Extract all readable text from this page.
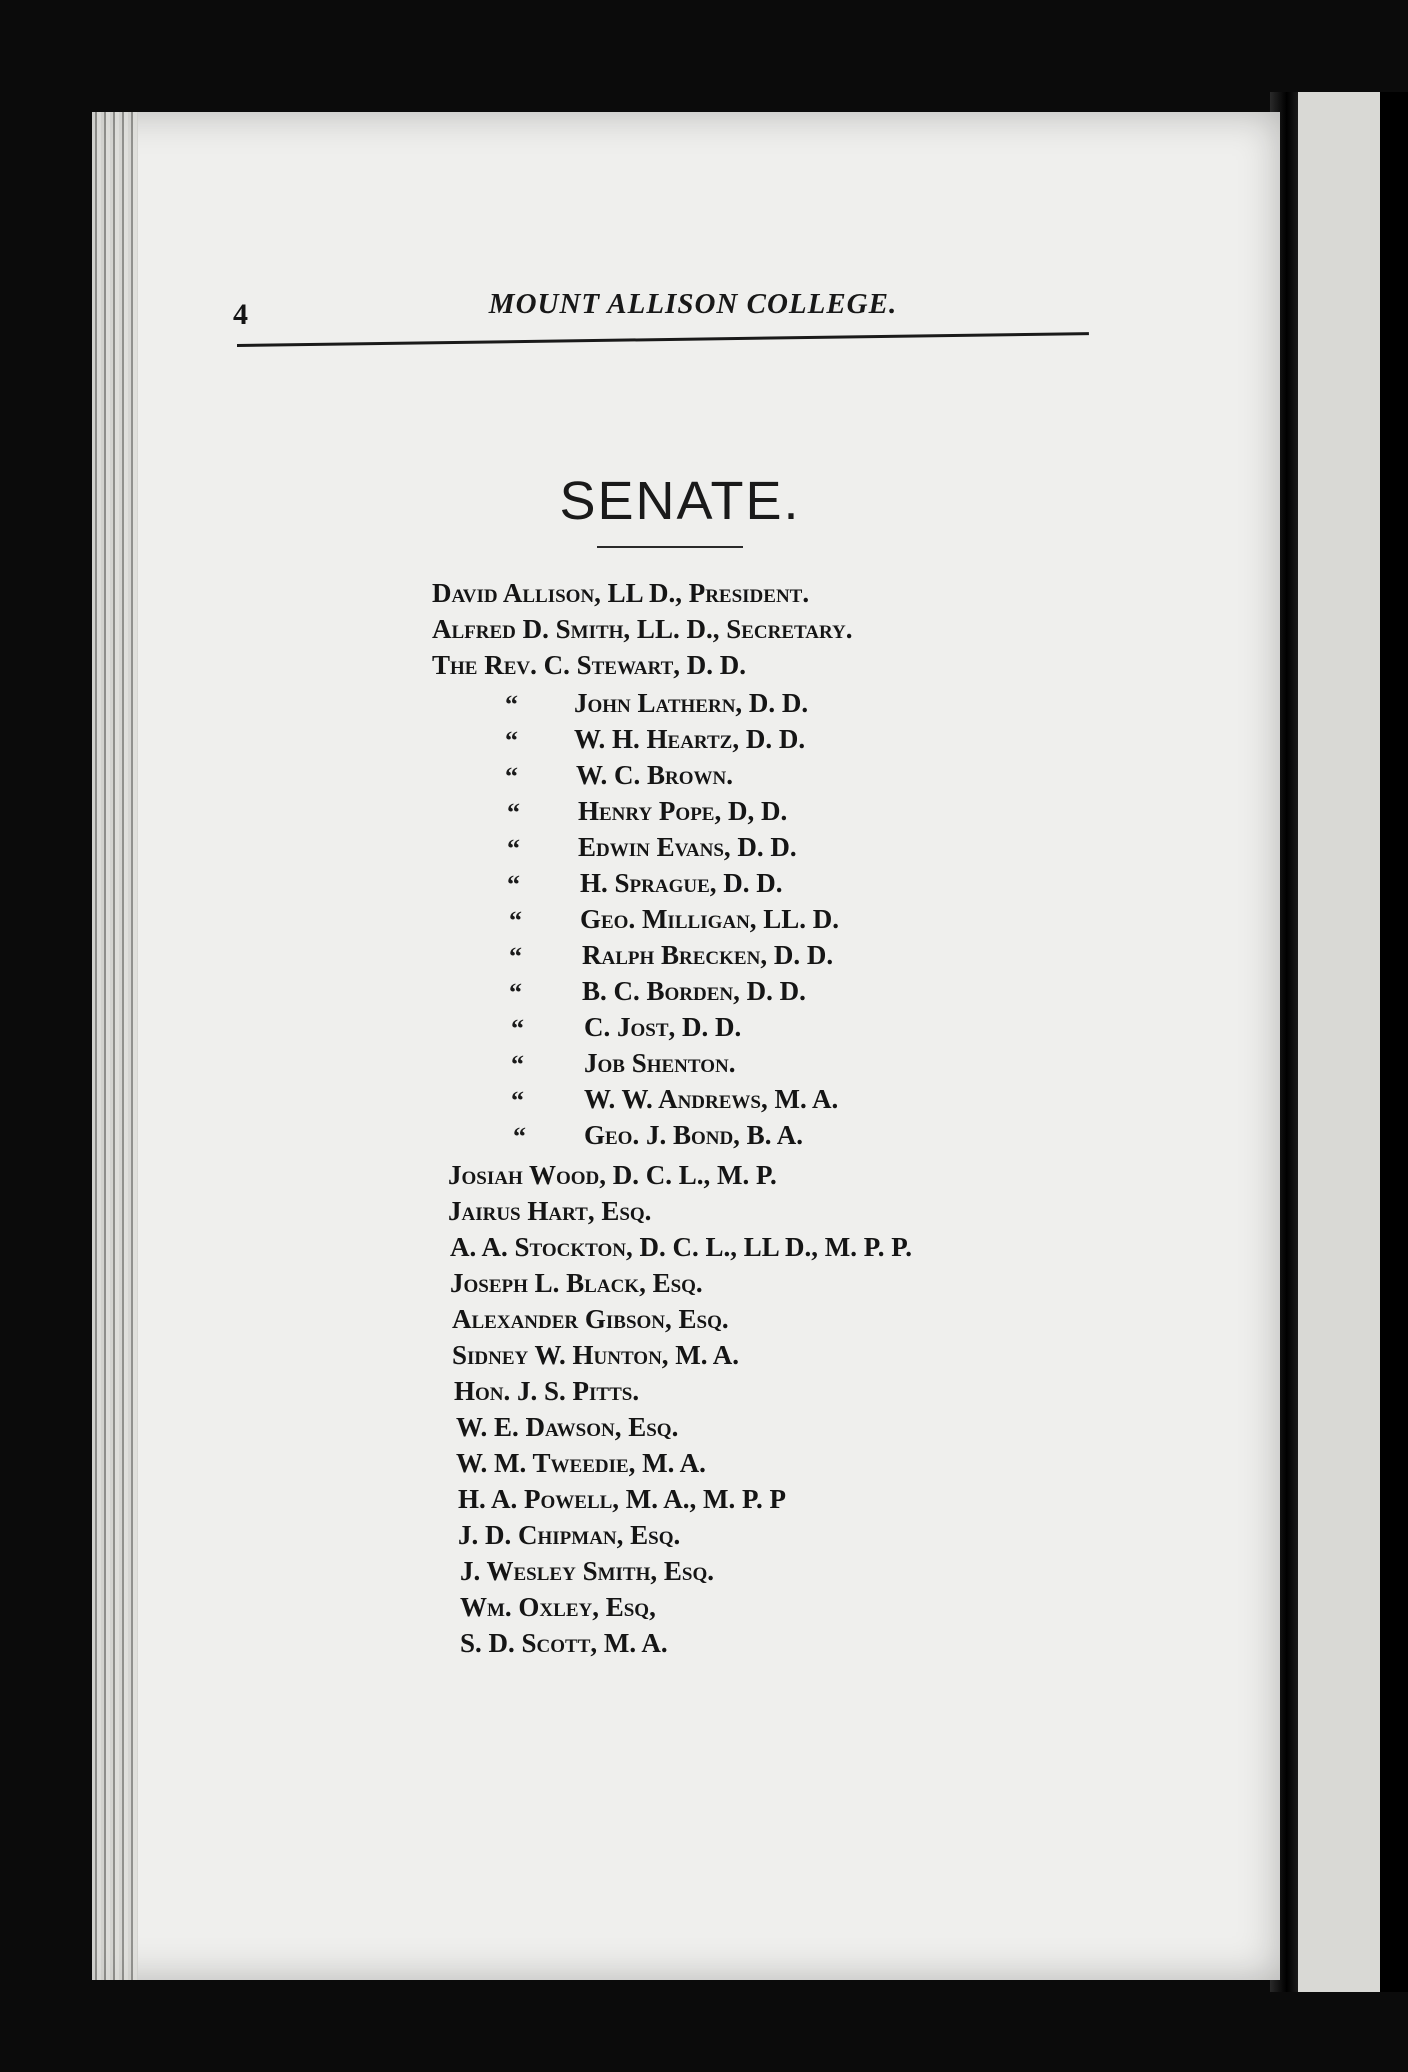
4	MOUNT ALLISON COLLEGE.
SENATE.
David Allison, LL D., President.
Alfred D. Smith, LL. D., Secretary.
The Rev. C. Stewart, D. D.
“ John Lathern, D. D.
“ W. H. Heartz, D. D.
“ W. C. Brown.
“ Henry Pope, D, D.
“ Edwin Evans, D. D.
“ H. Sprague, D. D.
“ Geo. Milligan, LL. D.
“ Ralph Brecken, D. D.
“ B. C. Borden, D. D.
“ C. Jost, D. D.
“ Job Shenton.
“ W. W. Andrews, M. A.
“ Geo. J. Bond, B. A.
Josiah Wood, D. C. L., M. P.
Jairus Hart, Esq.
A. A. Stockton, D. C. L., LL D., M. P. P.
Joseph L. Black, Esq.
Alexander Gibson, Esq.
Sidney W. Hunton, M. A.
Hon. J. S. Pitts.
W. E. Dawson, Esq.
W. M. Tweedie, M. A.
H. A. Powell, M. A., M. P. P
J. D. Chipman, Esq.
J. Wesley Smith, Esq.
Wm. Oxley, Esq,
S. D. Scott, M. A.
